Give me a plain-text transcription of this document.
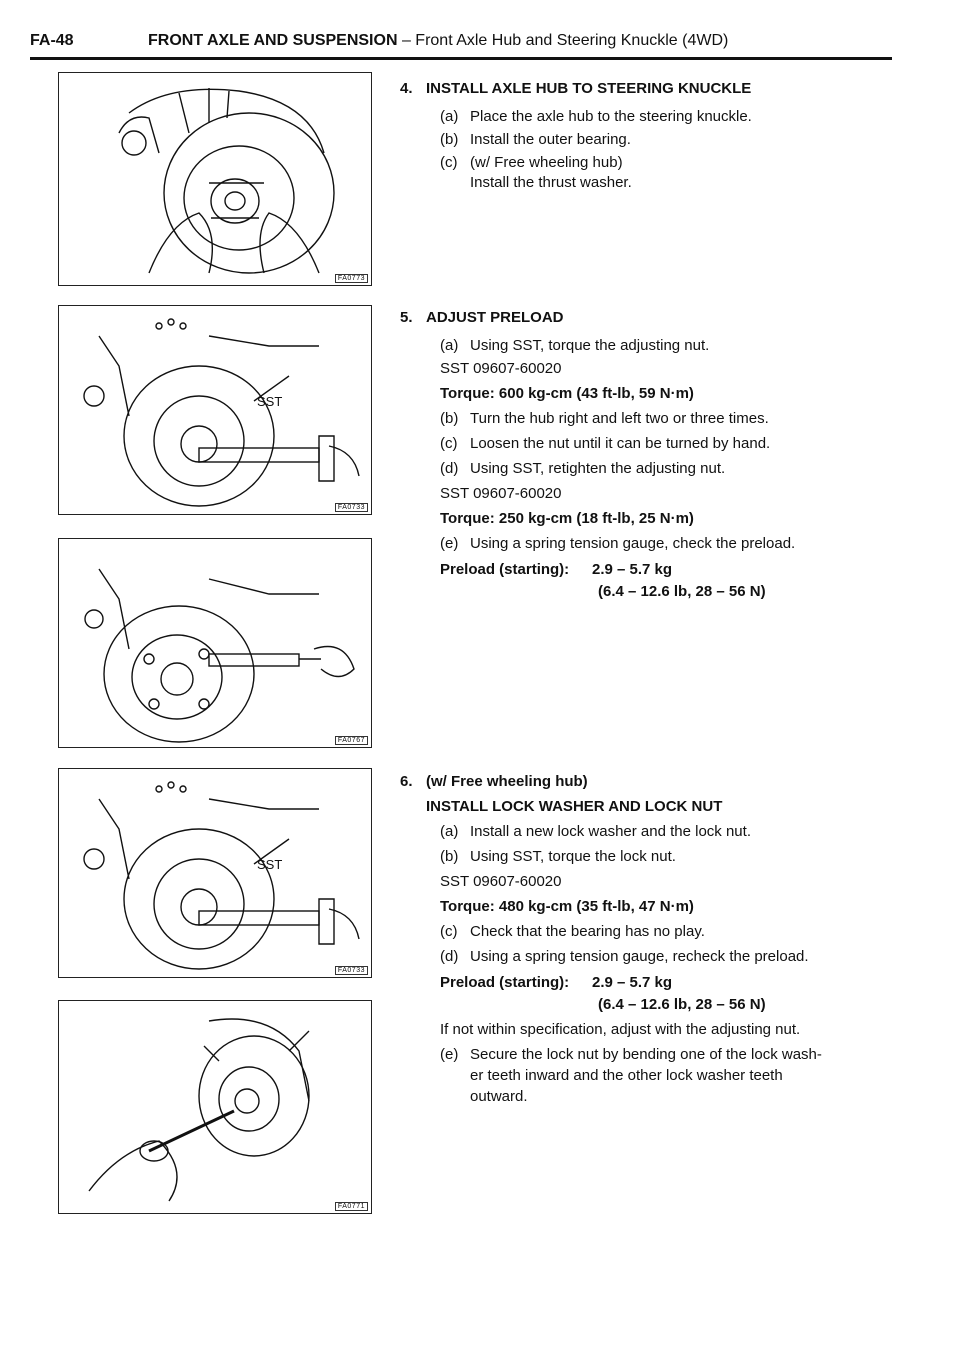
FA-48	FRONT AXLE AND SUSPENSION – Front Axle Hub and Steering Knuckle (4WD)
FA0773
SST
FA0733
FA0767
SST
FA0733
FA0771
4. INSTALL AXLE HUB TO STEERING KNUCKLE
(a) Place the axle hub to the steering knuckle.
(b) Install the outer bearing.
(c) (w/ Free wheeling hub)
Install the thrust washer.
5. ADJUST PRELOAD
(a) Using SST, torque the adjusting nut.
SST 09607-60020
Torque: 600 kg-cm (43 ft-lb, 59 N·m)
(b) Turn the hub right and left two or three times.
(c) Loosen the nut until it can be turned by hand.
(d) Using SST, retighten the adjusting nut.
SST 09607-60020
Torque: 250 kg-cm (18 ft-lb, 25 N·m)
(e) Using a spring tension gauge, check the preload.
Preload (starting): 2.9 – 5.7 kg
(6.4 – 12.6 lb, 28 – 56 N)
6. (w/ Free wheeling hub)
INSTALL LOCK WASHER AND LOCK NUT
(a) Install a new lock washer and the lock nut.
(b) Using SST, torque the lock nut.
SST 09607-60020
Torque: 480 kg-cm (35 ft-lb, 47 N·m)
(c) Check that the bearing has no play.
(d) Using a spring tension gauge, recheck the preload.
Preload (starting): 2.9 – 5.7 kg
(6.4 – 12.6 lb, 28 – 56 N)
If not within specification, adjust with the adjusting nut.
(e) Secure the lock nut by bending one of the lock wash-
er teeth inward and the other lock washer teeth
outward.
